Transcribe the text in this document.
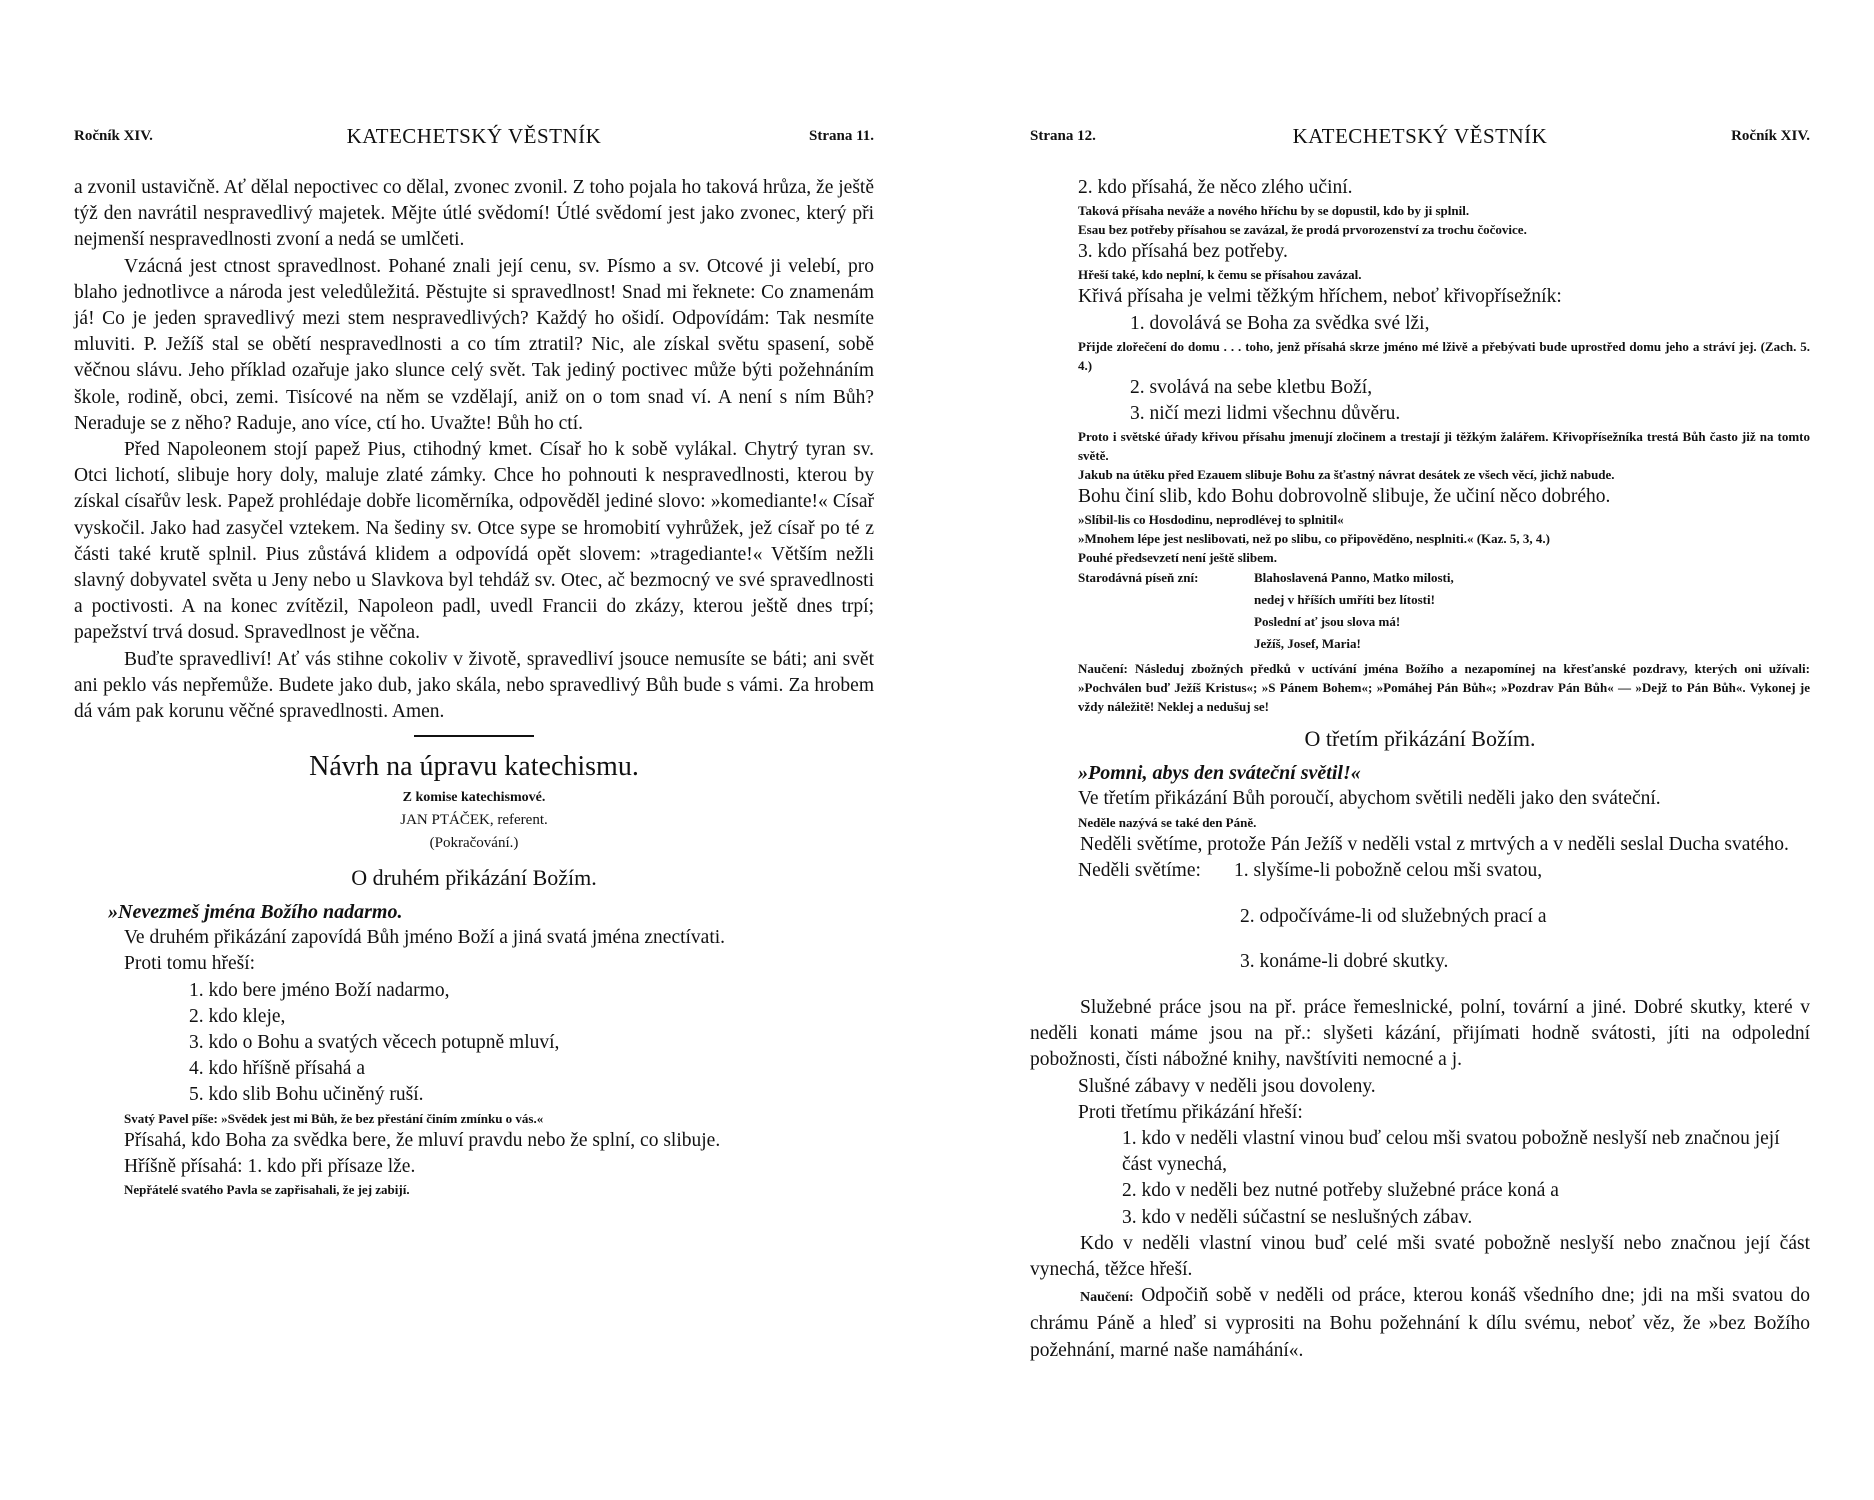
Ročník XIV.	KATECHETSKÝ VĚSTNÍK	Strana 11.

a zvonil ustavičně. Ať dělal nepoctivec co dělal, zvonec zvonil. Z toho pojala ho taková hrůza, že ještě týž den navrátil nespravedlivý majetek. Mějte útlé svědomí! Útlé svědomí jest jako zvonec, který při nejmenší nespravedlnosti zvoní a nedá se umlčeti.

Vzácná jest ctnost spravedlnost. Pohané znali její cenu, sv. Písmo a sv. Otcové ji velebí, pro blaho jednotlivce a národa jest veledůležitá. Pěstujte si spravedlnost! Snad mi řeknete: Co znamenám já! Co je jeden spravedlivý mezi stem nespravedlivých? Každý ho ošidí. Odpovídám: Tak nesmíte mluviti. P. Ježíš stal se obětí nespravedlnosti a co tím ztratil? Nic, ale získal světu spasení, sobě věčnou slávu. Jeho příklad ozařuje jako slunce celý svět. Tak jediný poctivec může býti požehnáním škole, rodině, obci, zemi. Tisícové na něm se vzdělají, aniž on o tom snad ví. A není s ním Bůh? Neraduje se z něho? Raduje, ano více, ctí ho. Uvažte! Bůh ho ctí.

Před Napoleonem stojí papež Pius, ctihodný kmet. Císař ho k sobě vylákal. Chytrý tyran sv. Otci lichotí, slibuje hory doly, maluje zlaté zámky. Chce ho pohnouti k nespravedlnosti, kterou by získal císařův lesk. Papež prohlédaje dobře licoměrníka, odpověděl jediné slovo: »komediante!« Císař vyskočil. Jako had zasyčel vztekem. Na šediny sv. Otce sype se hromobití vyhrůžek, jež císař po té z části také krutě splnil. Pius zůstává klidem a odpovídá opět slovem: »tragediante!« Větším nežli slavný dobyvatel světa u Jeny nebo u Slavkova byl tehdáž sv. Otec, ač bezmocný ve své spravedlnosti a poctivosti. A na konec zvítězil, Napoleon padl, uvedl Francii do zkázy, kterou ještě dnes trpí; papežství trvá dosud. Spravedlnost je věčna.

Buďte spravedliví! Ať vás stihne cokoliv v životě, spravedliví jsouce nemusíte se báti; ani svět ani peklo vás nepřemůže. Budete jako dub, jako skála, nebo spravedlivý Bůh bude s vámi. Za hrobem dá vám pak korunu věčné spravedlnosti. Amen.

Návrh na úpravu katechismu.

Z komise katechismové.

JAN PTÁČEK, referent.

(Pokračování.)

O druhém přikázání Božím.

»Nevezmeš jména Božího nadarmo.

Ve druhém přikázání zapovídá Bůh jméno Boží a jiná svatá jména znectívati.

Proti tomu hřeší:

1. kdo bere jméno Boží nadarmo,

2. kdo kleje,

3. kdo o Bohu a svatých věcech potupně mluví,

4. kdo hříšně přísahá a

5. kdo slib Bohu učiněný ruší.

Svatý Pavel píše: »Svědek jest mi Bůh, že bez přestání činím zmínku o vás.«

Přísahá, kdo Boha za svědka bere, že mluví pravdu nebo že splní, co slibuje.

Hříšně přísahá: 1. kdo při přísaze lže.

Nepřátelé svatého Pavla se zapřisahali, že jej zabijí.

Strana 12.	KATECHETSKÝ VĚSTNÍK	Ročník XIV.

2. kdo přísahá, že něco zlého učiní.

Taková přísaha neváže a nového hříchu by se dopustil, kdo by ji splnil.

Esau bez potřeby přísahou se zavázal, že prodá prvorozenství za trochu čočovice.

3. kdo přísahá bez potřeby.

Hřeší také, kdo neplní, k čemu se přísahou zavázal.

Křivá přísaha je velmi těžkým hříchem, neboť křivopřísežník:

1. dovolává se Boha za svědka své lži,

Přijde zlořečení do domu . . . toho, jenž přísahá skrze jméno mé lživě a přebývati bude uprostřed domu jeho a stráví jej. (Zach. 5. 4.)

2. svolává na sebe kletbu Boží,

3. ničí mezi lidmi všechnu důvěru.

Proto i světské úřady křivou přísahu jmenují zločinem a trestají ji těžkým žalářem. Křivopřísežníka trestá Bůh často již na tomto světě.

Jakub na útěku před Ezauem slibuje Bohu za šťastný návrat desátek ze všech věcí, jichž nabude.

Bohu činí slib, kdo Bohu dobrovolně slibuje, že učiní něco dobrého.

»Slíbil-lis co Hosdodinu, neprodlévej to splnitil«

»Mnohem lépe jest neslibovati, než po slibu, co připověděno, nesplniti.« (Kaz. 5, 3, 4.)

Pouhé předsevzetí není ještě slibem.

Starodávná píseň zní:	Blahoslavená Panno, Matko milosti,
nedej v hříších umříti bez lítosti!
Poslední ať jsou slova má!
Ježíš, Josef, Maria!

Naučení: Následuj zbožných předků v uctívání jména Božího a nezapomínej na křesťanské pozdravy, kterých oni užívali: »Pochválen buď Ježíš Kristus«; »S Pánem Bohem«; »Pomáhej Pán Bůh«; »Pozdrav Pán Bůh« — »Dejž to Pán Bůh«. Vykonej je vždy náležitě! Neklej a nedušuj se!

O třetím přikázání Božím.

»Pomni, abys den sváteční světil!«

Ve třetím přikázání Bůh poroučí, abychom světili neděli jako den sváteční.

Neděle nazývá se také den Páně.

Neděli světíme, protože Pán Ježíš v neděli vstal z mrtvých a v neděli seslal Ducha svatého.

Neděli světíme:	1. slyšíme-li pobožně celou mši svatou,

2. odpočíváme-li od služebných prací a

3. konáme-li dobré skutky.

Služebné práce jsou na př. práce řemeslnické, polní, tovární a jiné. Dobré skutky, které v neděli konati máme jsou na př.: slyšeti kázání, přijímati hodně svátosti, jíti na odpolední pobožnosti, čísti nábožné knihy, navštíviti nemocné a j.

Slušné zábavy v neděli jsou dovoleny.

Proti třetímu přikázání hřeší:

1. kdo v neděli vlastní vinou buď celou mši svatou pobožně neslyší neb značnou její část vynechá,

2. kdo v neděli bez nutné potřeby služebné práce koná a

3. kdo v neděli súčastní se neslušných zábav.

Kdo v neděli vlastní vinou buď celé mši svaté pobožně neslyší nebo značnou její část vynechá, těžce hřeší.

Naučení: Odpočiň sobě v neděli od práce, kterou konáš všedního dne; jdi na mši svatou do chrámu Páně a hleď si vyprositi na Bohu požehnání k dílu svému, neboť věz, že »bez Božího požehnání, marné naše namáhání«.
